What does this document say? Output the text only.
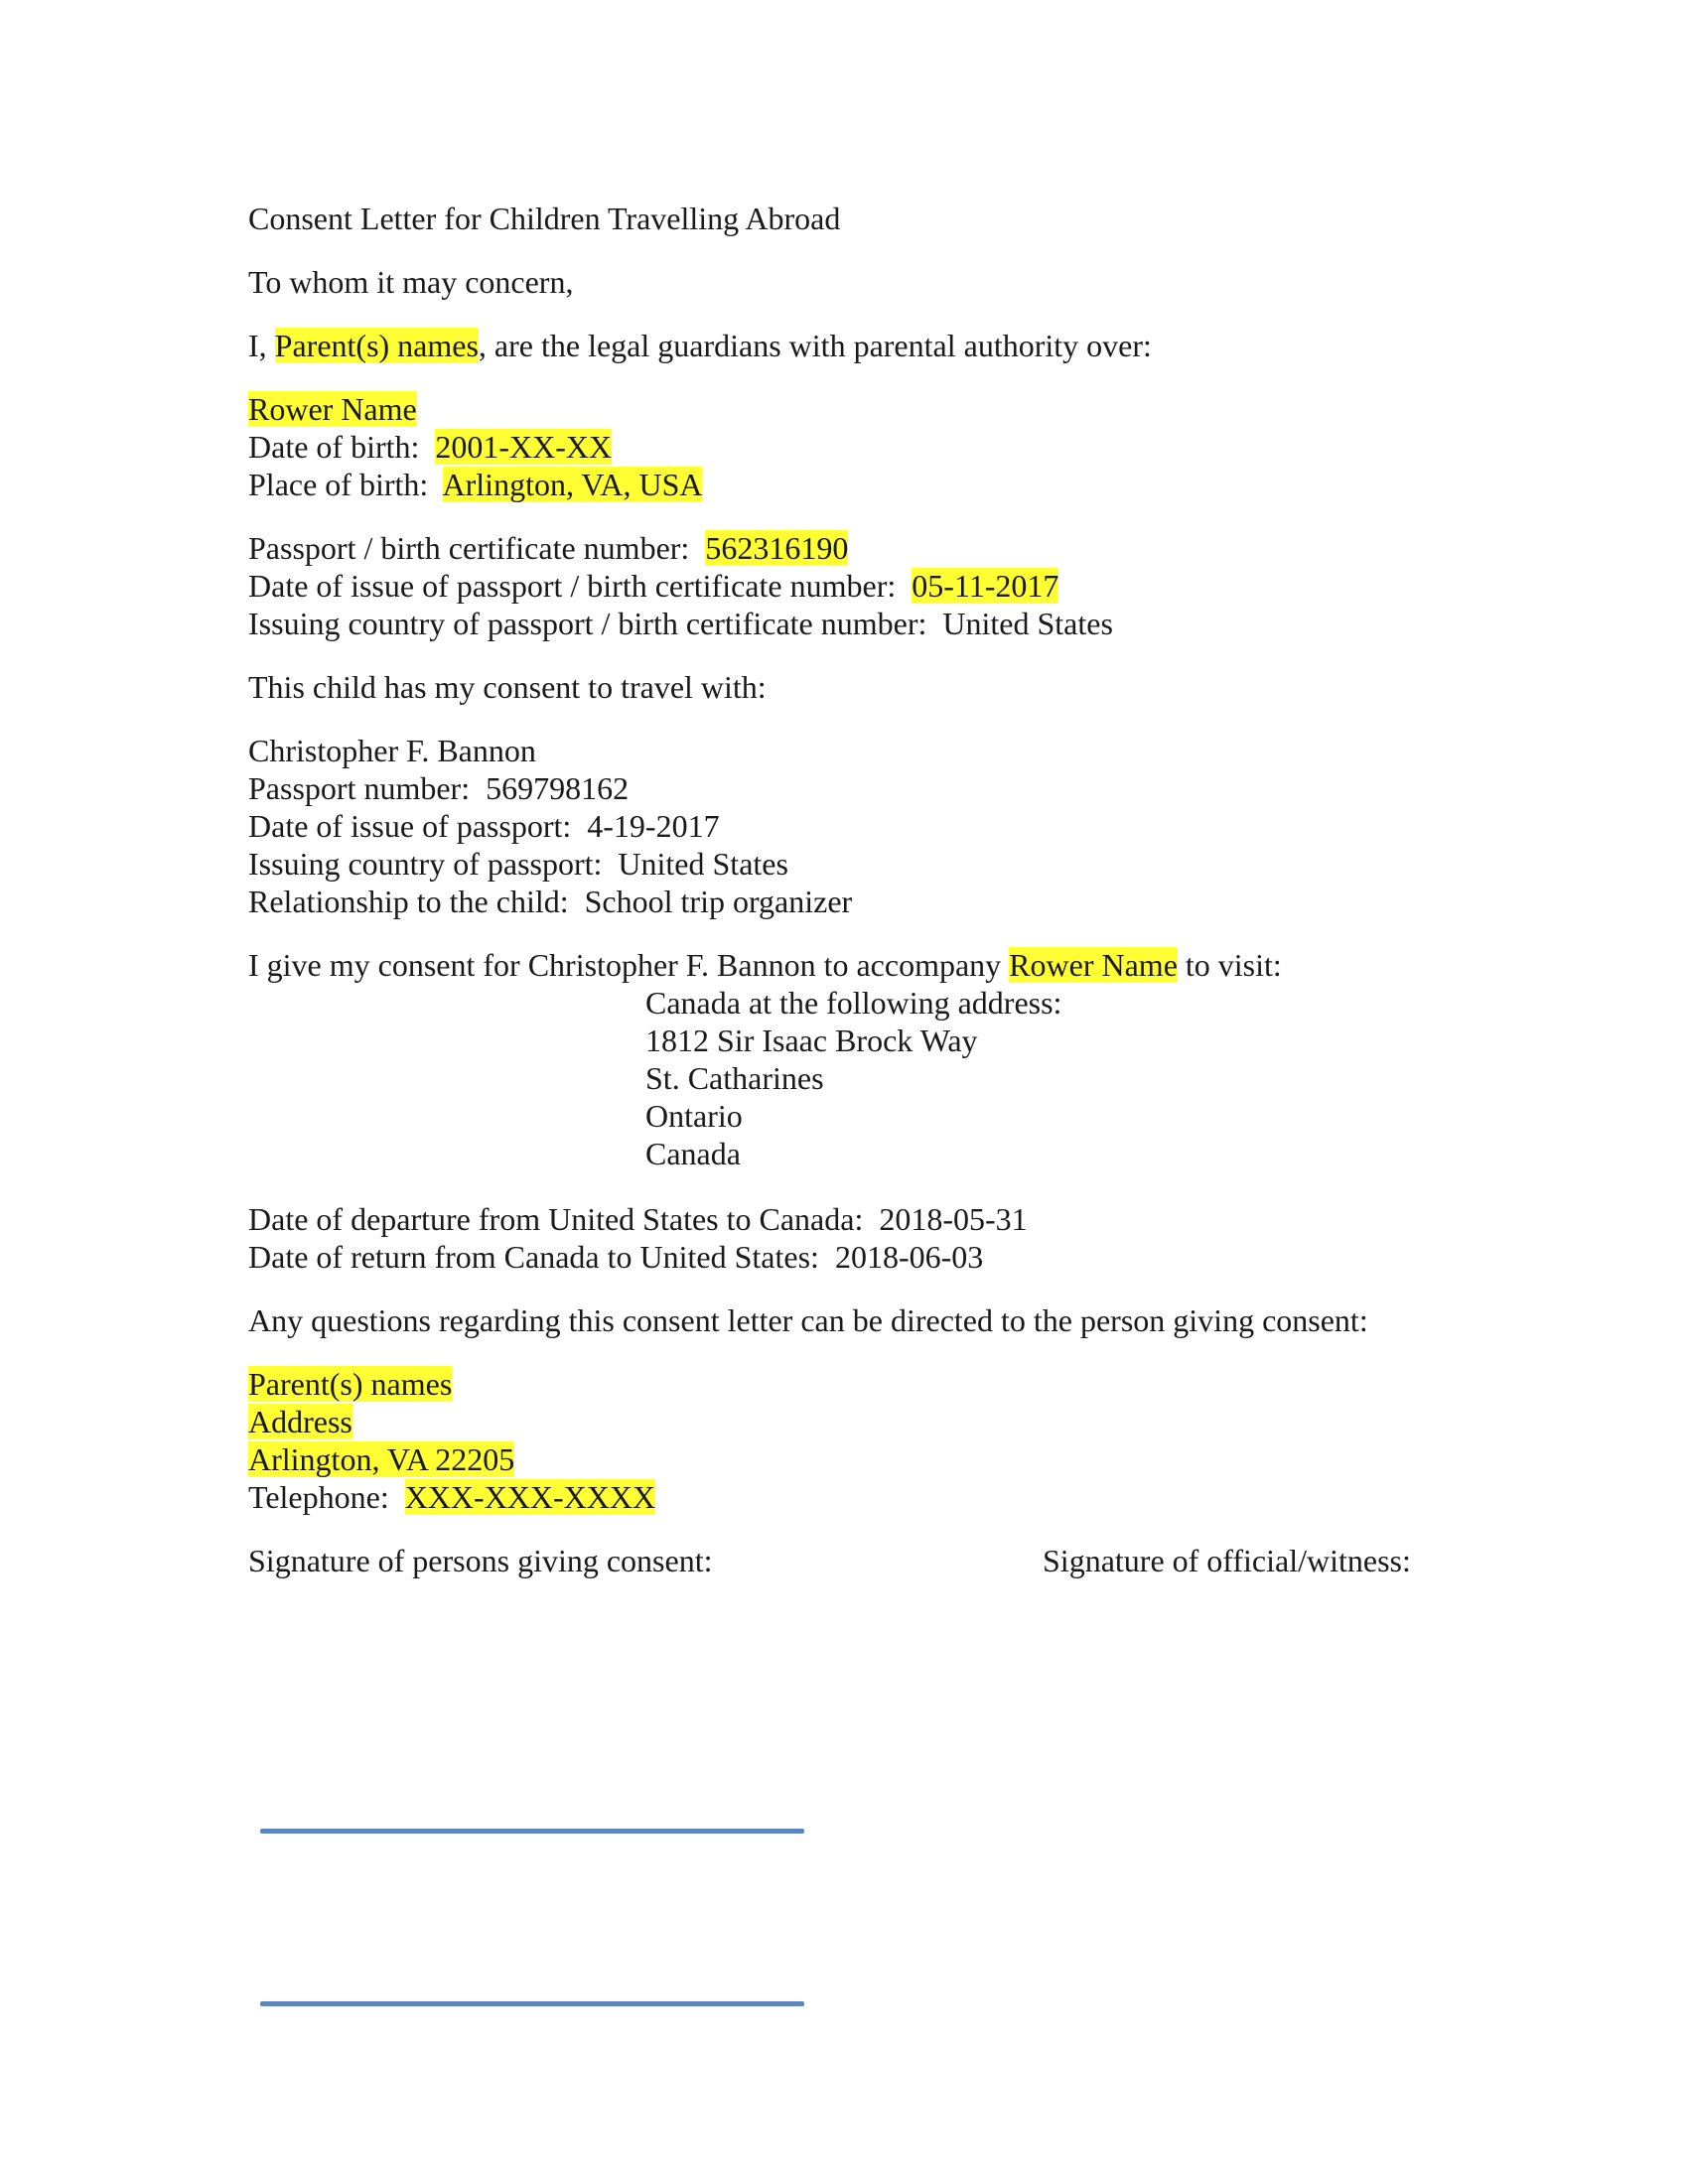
Consent Letter for Children Travelling Abroad
To whom it may concern,
I, Parent(s) names, are the legal guardians with parental authority over:
Rower Name
Date of birth: 2001-XX-XX
Place of birth: Arlington, VA, USA
Passport / birth certificate number: 562316190
Date of issue of passport / birth certificate number: 05-11-2017
Issuing country of passport / birth certificate number: United States
This child has my consent to travel with:
Christopher F. Bannon
Passport number: 569798162
Date of issue of passport: 4-19-2017
Issuing country of passport: United States
Relationship to the child: School trip organizer
I give my consent for Christopher F. Bannon to accompany Rower Name to visit:
Canada at the following address:
1812 Sir Isaac Brock Way
St. Catharines
Ontario
Canada
Date of departure from United States to Canada: 2018-05-31
Date of return from Canada to United States: 2018-06-03
Any questions regarding this consent letter can be directed to the person giving consent:
Parent(s) names
Address
Arlington, VA 22205
Telephone: XXX-XXX-XXXX
Signature of persons giving consent:	Signature of official/witness:
